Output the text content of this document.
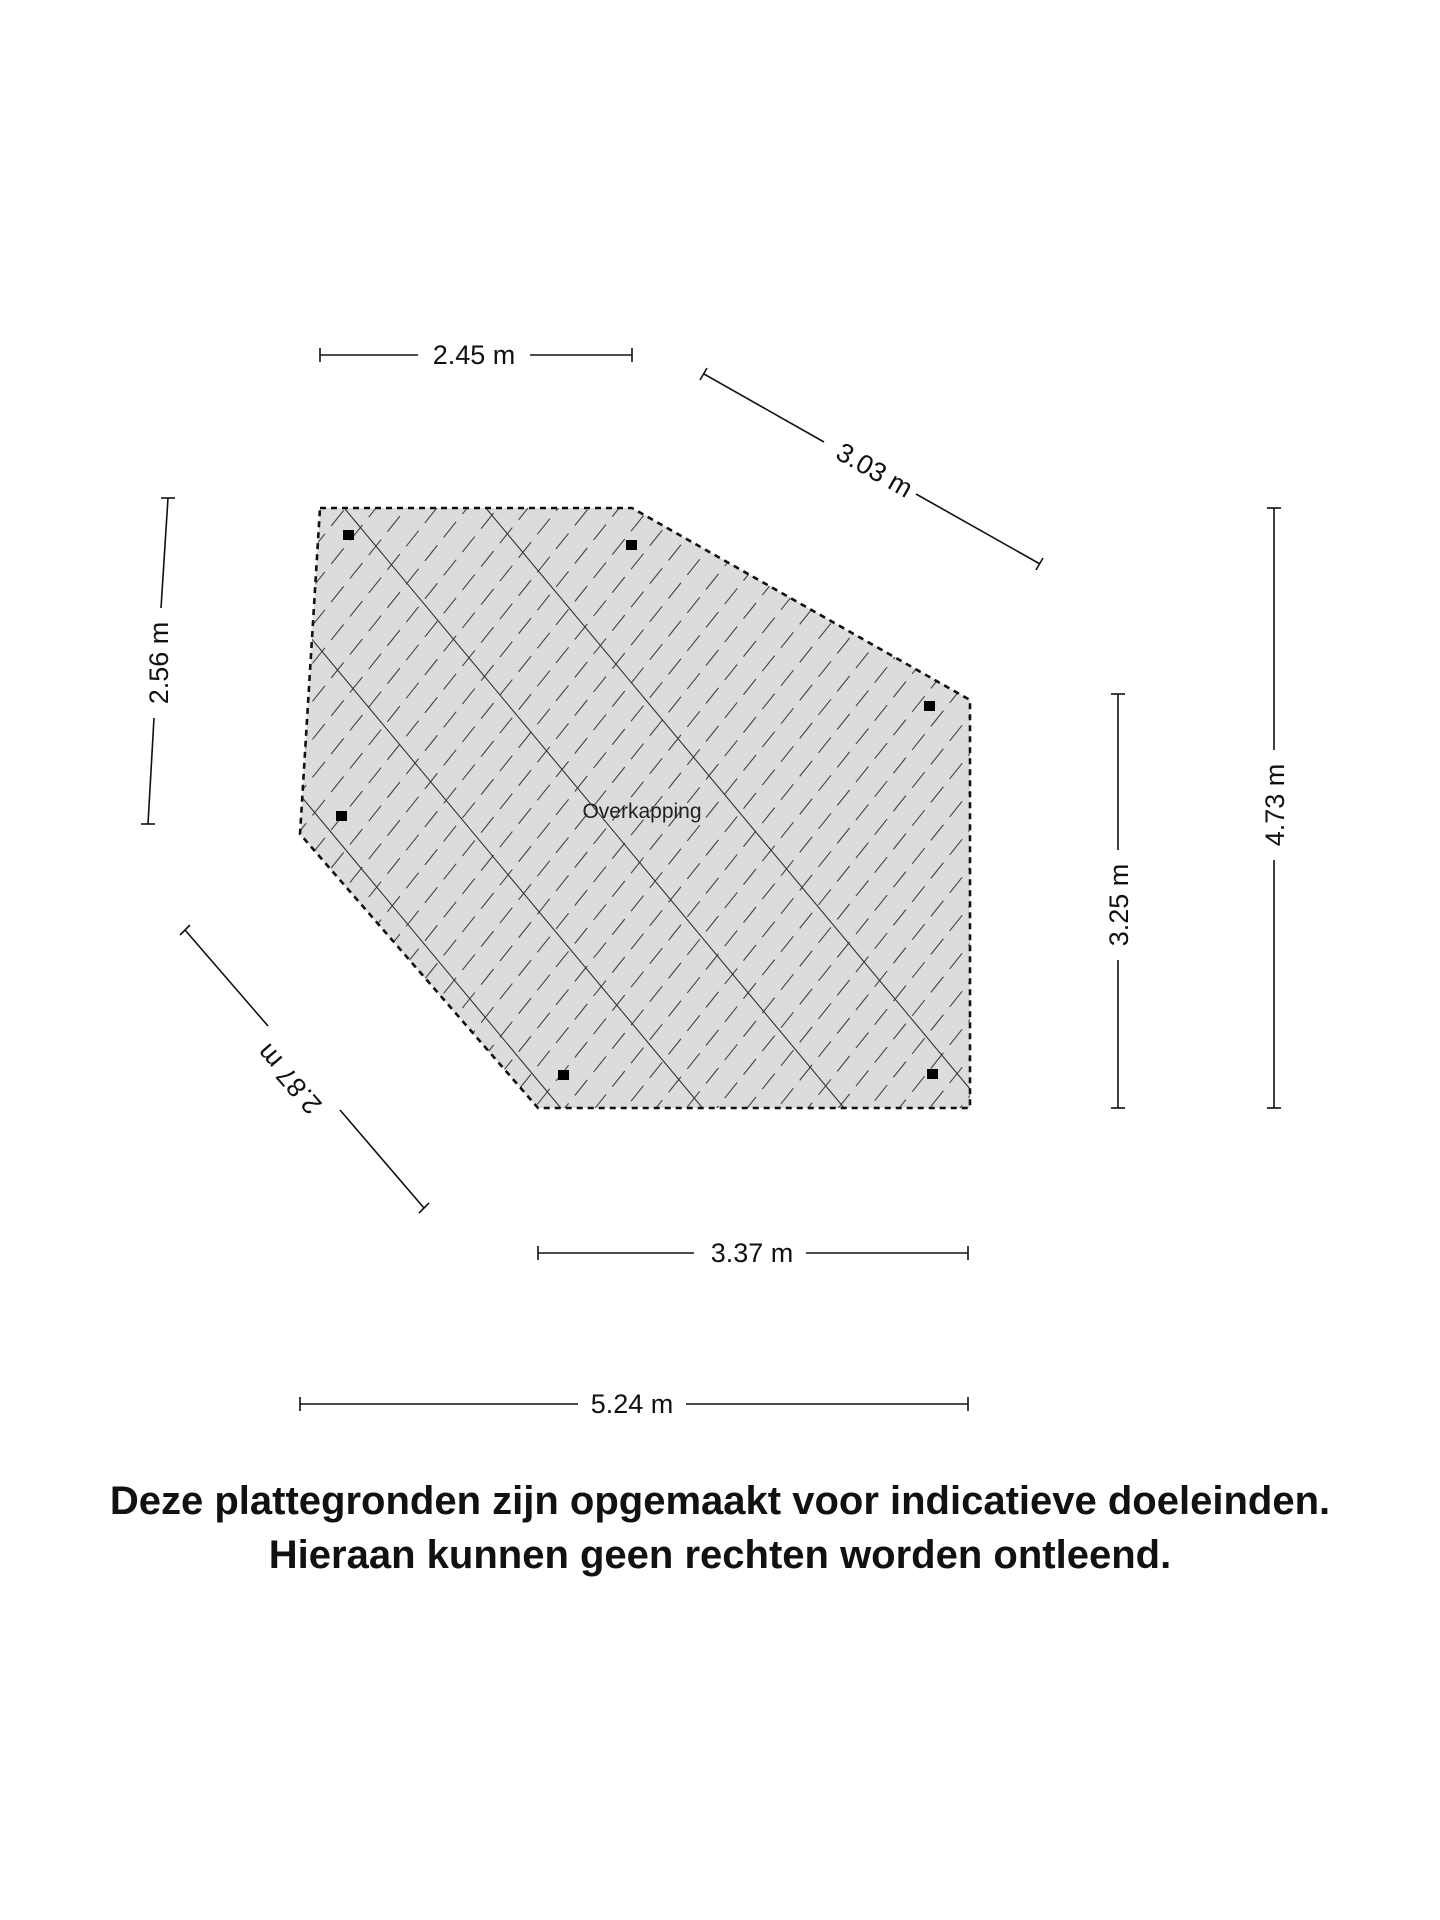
Overkapping
2.45 m
3.03 m
2.56 m
2.87 m
3.25 m
4.73 m
3.37 m
5.24 m
Deze plattegronden zijn opgemaakt voor indicatieve doeleinden.
Hieraan kunnen geen rechten worden ontleend.
